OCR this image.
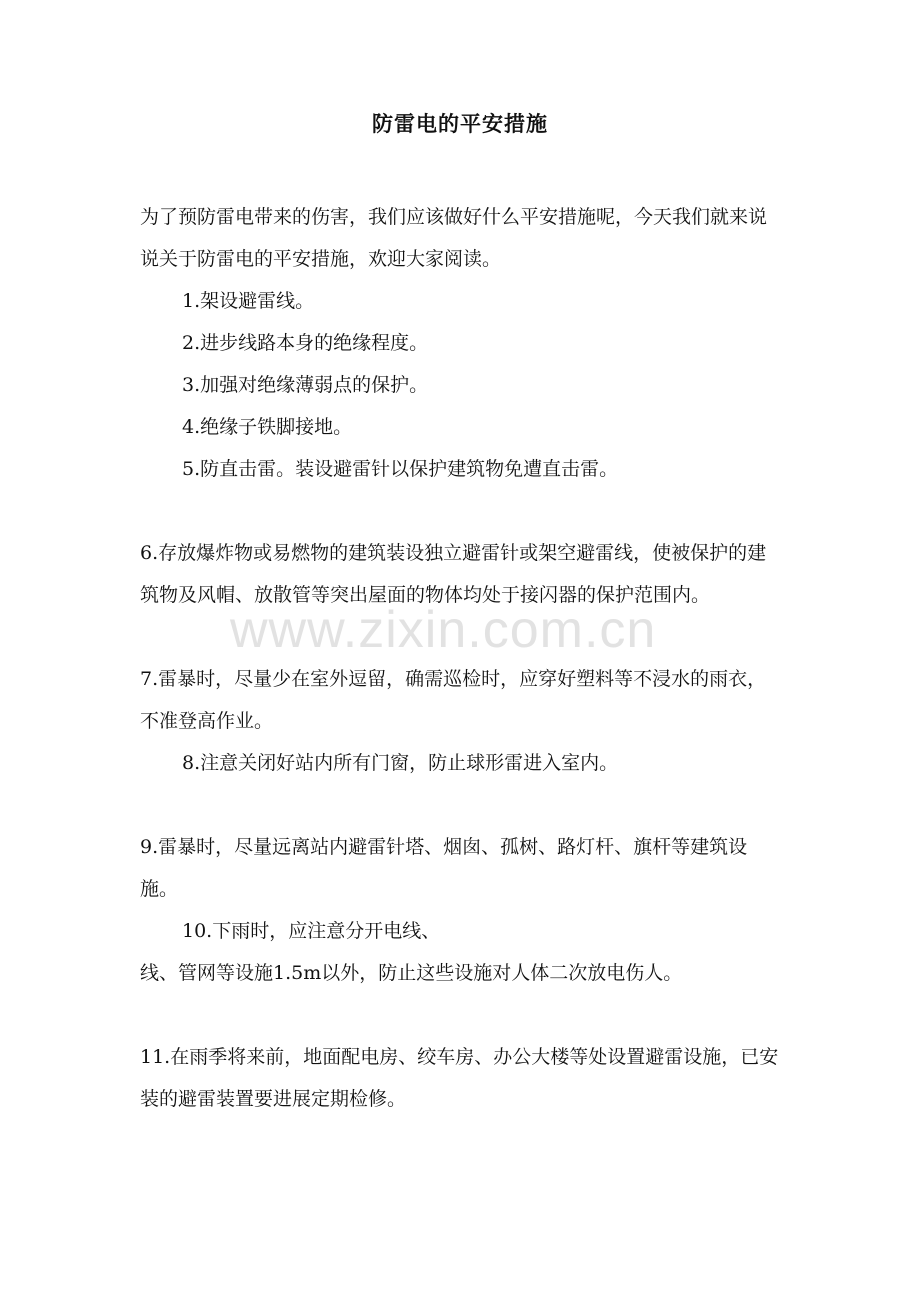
www.zixin.com.cn
防雷电的平安措施

为了预防雷电带来的伤害，我们应该做好什么平安措施呢，今天我们就来说说关于防雷电的平安措施，欢迎大家阅读。

1.架设避雷线。

2.进步线路本身的绝缘程度。

3.加强对绝缘薄弱点的保护。

4.绝缘子铁脚接地。

5.防直击雷。装设避雷针以保护建筑物免遭直击雷。

6.存放爆炸物或易燃物的建筑装设独立避雷针或架空避雷线，使被保护的建筑物及风帽、放散管等突出屋面的物体均处于接闪器的保护范围内。

7.雷暴时，尽量少在室外逗留，确需巡检时，应穿好塑料等不浸水的雨衣，不准登高作业。

8.注意关闭好站内所有门窗，防止球形雷进入室内。

9.雷暴时，尽量远离站内避雷针塔、烟囱、孤树、路灯杆、旗杆等建筑设施。

10.下雨时，应注意分开电线、

线、管网等设施1.5m以外，防止这些设施对人体二次放电伤人。

11.在雨季将来前，地面配电房、绞车房、办公大楼等处设置避雷设施，已安装的避雷装置要进展定期检修。
